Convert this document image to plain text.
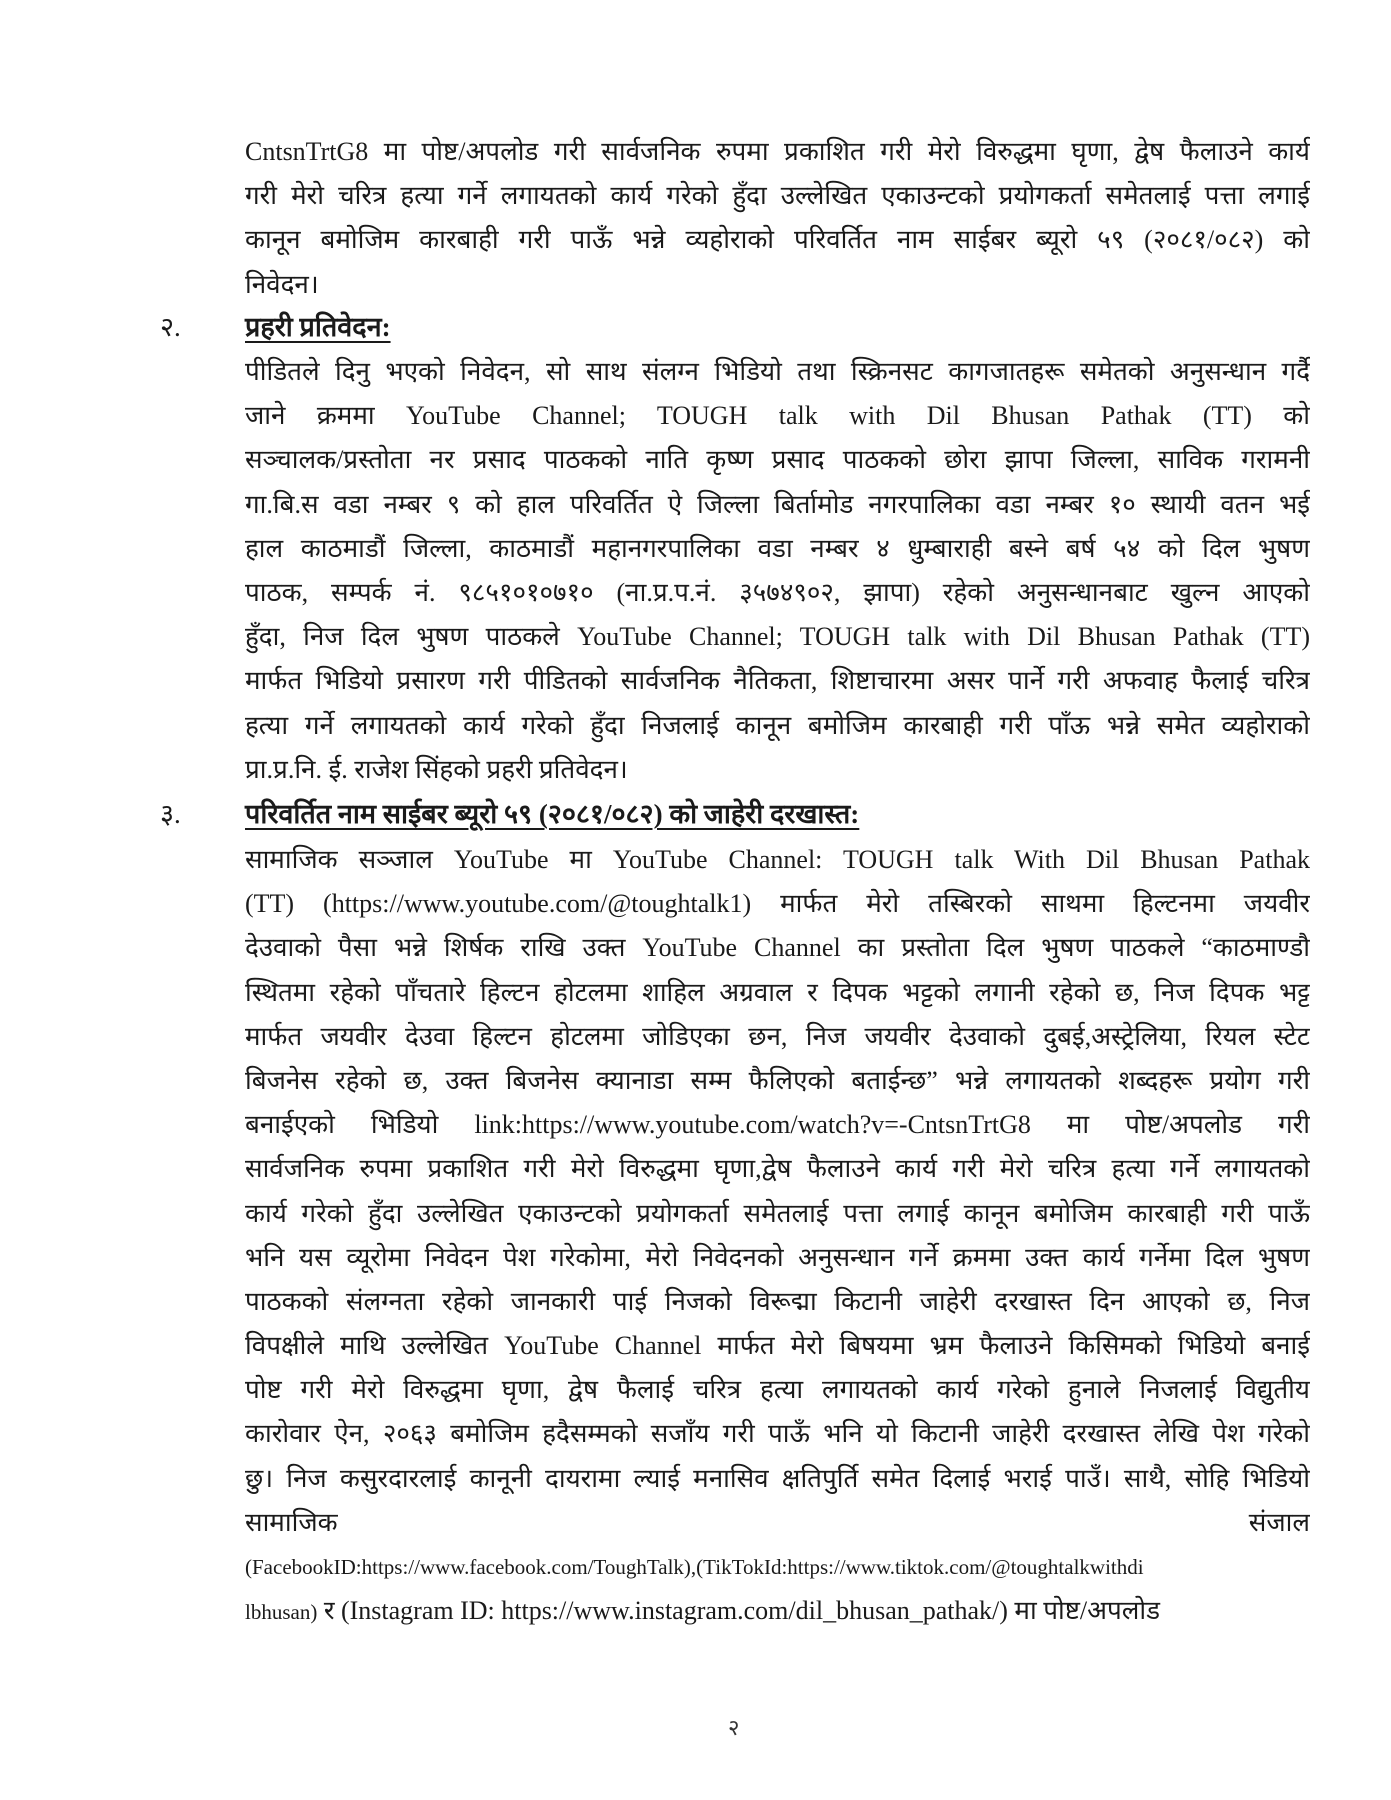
CntsnTrtG8 मा पोष्ट/अपलोड गरी सार्वजनिक रुपमा प्रकाशित गरी मेरो विरुद्धमा घृणा, द्वेष फैलाउने कार्य
गरी मेरो चरित्र हत्या गर्ने लगायतको कार्य गरेको हुँदा उल्लेखित एकाउन्टको प्रयोगकर्ता समेतलाई पत्ता लगाई
कानून बमोजिम कारबाही गरी पाऊँ भन्ने व्यहोराको परिवर्तित नाम साईबर ब्यूरो ५९ (२०८१/०८२) को
निवेदन।
२. प्रहरी प्रतिवेदन:
पीडितले दिनु भएको निवेदन, सो साथ संलग्न भिडियो तथा स्क्रिनसट कागजातहरू समेतको अनुसन्धान गर्दै
जाने क्रममा YouTube Channel; TOUGH talk with Dil Bhusan Pathak (TT) को
सञ्चालक/प्रस्तोता नर प्रसाद पाठकको नाति कृष्ण प्रसाद पाठकको छोरा झापा जिल्ला, साविक गरामनी
गा.बि.स वडा नम्बर ९ को हाल परिवर्तित ऐ जिल्ला बिर्तामोड नगरपालिका वडा नम्बर १० स्थायी वतन भई
हाल काठमाडौं जिल्ला, काठमाडौं महानगरपालिका वडा नम्बर ४ धुम्बाराही बस्ने बर्ष ५४ को दिल भुषण
पाठक, सम्पर्क नं. ९८५१०१०७१० (ना.प्र.प.नं. ३५७४९०२, झापा) रहेको अनुसन्धानबाट खुल्न आएको
हुँदा, निज दिल भुषण पाठकले YouTube Channel; TOUGH talk with Dil Bhusan Pathak (TT)
मार्फत भिडियो प्रसारण गरी पीडितको सार्वजनिक नैतिकता, शिष्टाचारमा असर पार्ने गरी अफवाह फैलाई चरित्र
हत्या गर्ने लगायतको कार्य गरेको हुँदा निजलाई कानून बमोजिम कारबाही गरी पाँऊ भन्ने समेत व्यहोराको
प्रा.प्र.नि. ई. राजेश सिंहको प्रहरी प्रतिवेदन।
३. परिवर्तित नाम साईबर ब्यूरो ५९ (२०८१/०८२) को जाहेरी दरखास्त:
सामाजिक सञ्जाल YouTube मा YouTube Channel: TOUGH talk With Dil Bhusan Pathak
(TT) (https://www.youtube.com/@toughtalk1) मार्फत मेरो तस्बिरको साथमा हिल्टनमा जयवीर
देउवाको पैसा भन्ने शिर्षक राखि उक्त YouTube Channel का प्रस्तोता दिल भुषण पाठकले “काठमाण्डौ
स्थितमा रहेको पाँचतारे हिल्टन होटलमा शाहिल अग्रवाल र दिपक भट्टको लगानी रहेको छ, निज दिपक भट्ट
मार्फत जयवीर देउवा हिल्टन होटलमा जोडिएका छन, निज जयवीर देउवाको दुबई,अस्ट्रेलिया, रियल स्टेट
बिजनेस रहेको छ, उक्त बिजनेस क्यानाडा सम्म फैलिएको बताईन्छ” भन्ने लगायतको शब्दहरू प्रयोग गरी
बनाईएको भिडियो link:https://www.youtube.com/watch?v=-CntsnTrtG8 मा पोष्ट/अपलोड गरी
सार्वजनिक रुपमा प्रकाशित गरी मेरो विरुद्धमा घृणा,द्वेष फैलाउने कार्य गरी मेरो चरित्र हत्या गर्ने लगायतको
कार्य गरेको हुँदा उल्लेखित एकाउन्टको प्रयोगकर्ता समेतलाई पत्ता लगाई कानून बमोजिम कारबाही गरी पाऊँ
भनि यस व्यूरोमा निवेदन पेश गरेकोमा, मेरो निवेदनको अनुसन्धान गर्ने क्रममा उक्त कार्य गर्नेमा दिल भुषण
पाठकको संलग्नता रहेको जानकारी पाई निजको विरूद्मा किटानी जाहेरी दरखास्त दिन आएको छ, निज
विपक्षीले माथि उल्लेखित YouTube Channel मार्फत मेरो बिषयमा भ्रम फैलाउने किसिमको भिडियो बनाई
पोष्ट गरी मेरो विरुद्धमा घृणा, द्वेष फैलाई चरित्र हत्या लगायतको कार्य गरेको हुनाले निजलाई विद्युतीय
कारोवार ऐन, २०६३ बमोजिम हदैसम्मको सजाँय गरी पाऊँ भनि यो किटानी जाहेरी दरखास्त लेखि पेश गरेको
छु। निज कसुरदारलाई कानूनी दायरामा ल्याई मनासिव क्षतिपुर्ति समेत दिलाई भराई पाउँ। साथै, सोहि भिडियो
सामाजिक	संजाल
(FacebookID:https://www.facebook.com/ToughTalk),(TikTokId:https://www.tiktok.com/@toughtalkwithdi
lbhusan) र (Instagram ID: https://www.instagram.com/dil_bhusan_pathak/) मा पोष्ट/अपलोड
२
